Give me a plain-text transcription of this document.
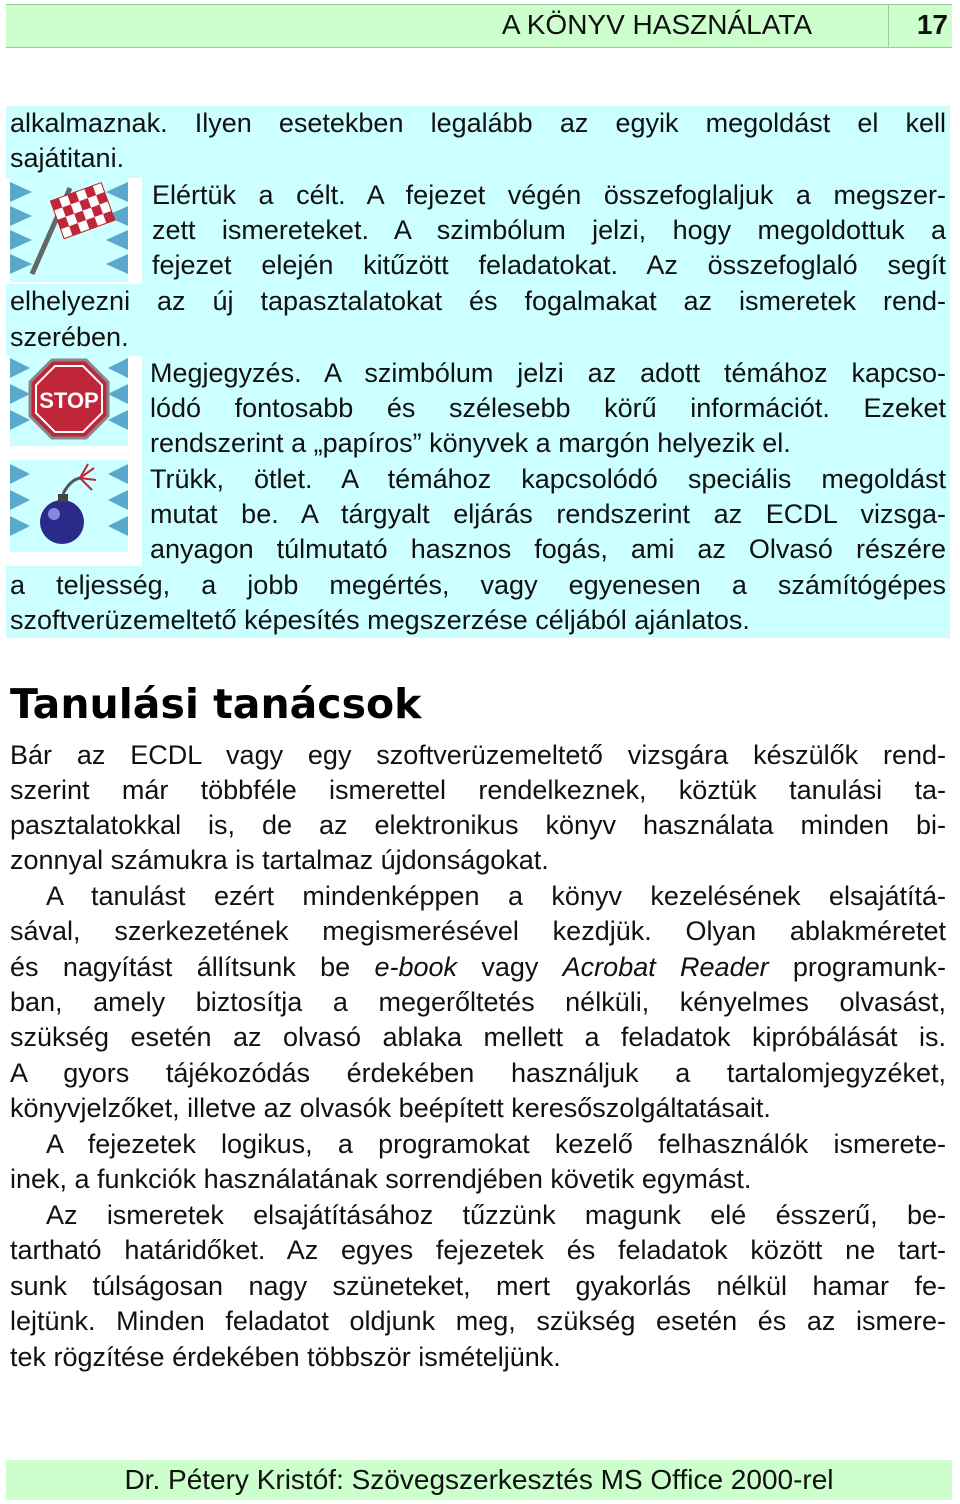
A KÖNYV HASZNÁLATA	17
alkalmaznak. Ilyen esetekben legalább az egyik megoldást el kell
sajátitani.
Elértük a célt. A fejezet végén összefoglaljuk a megszer-
zett ismereteket. A szimbólum jelzi, hogy megoldottuk a
fejezet elején kitűzött feladatokat. Az összefoglaló segít
elhelyezni az új tapasztalatokat és fogalmakat az ismeretek rend-
szerében.
STOP
Megjegyzés. A szimbólum jelzi az adott témához kapcso-
lódó fontosabb és szélesebb körű információt. Ezeket
rendszerint a „papíros” könyvek a margón helyezik el.
Trükk, ötlet. A témához kapcsolódó speciális megoldást
mutat be. A tárgyalt eljárás rendszerint az ECDL vizsga-
anyagon túlmutató hasznos fogás, ami az Olvasó részére
a teljesség, a jobb megértés, vagy egyenesen a számítógépes
szoftverüzemeltető képesítés megszerzése céljából ajánlatos.
Tanulási tanácsok
Bár az ECDL vagy egy szoftverüzemeltető vizsgára készülők rend-
szerint már többféle ismerettel rendelkeznek, köztük tanulási ta-
pasztalatokkal is, de az elektronikus könyv használata minden bi-
zonnyal számukra is tartalmaz újdonságokat.
A tanulást ezért mindenképpen a könyv kezelésének elsajátítá-
sával, szerkezetének megismerésével kezdjük. Olyan ablakméretet
és nagyítást állítsunk be e-book vagy Acrobat Reader programunk-
ban, amely biztosítja a megerőltetés nélküli, kényelmes olvasást,
szükség esetén az olvasó ablaka mellett a feladatok kipróbálását is.
A gyors tájékozódás érdekében használjuk a tartalomjegyzéket,
könyvjelzőket, illetve az olvasók beépített keresőszolgáltatásait.
A fejezetek logikus, a programokat kezelő felhasználók ismerete-
inek, a funkciók használatának sorrendjében követik egymást.
Az ismeretek elsajátításához tűzzünk magunk elé ésszerű, be-
tartható határidőket. Az egyes fejezetek és feladatok között ne tart-
sunk túlságosan nagy szüneteket, mert gyakorlás nélkül hamar fe-
lejtünk. Minden feladatot oldjunk meg, szükség esetén és az ismere-
tek rögzítése érdekében többször ismételjünk.
Dr. Pétery Kristóf: Szövegszerkesztés MS Office 2000-rel
